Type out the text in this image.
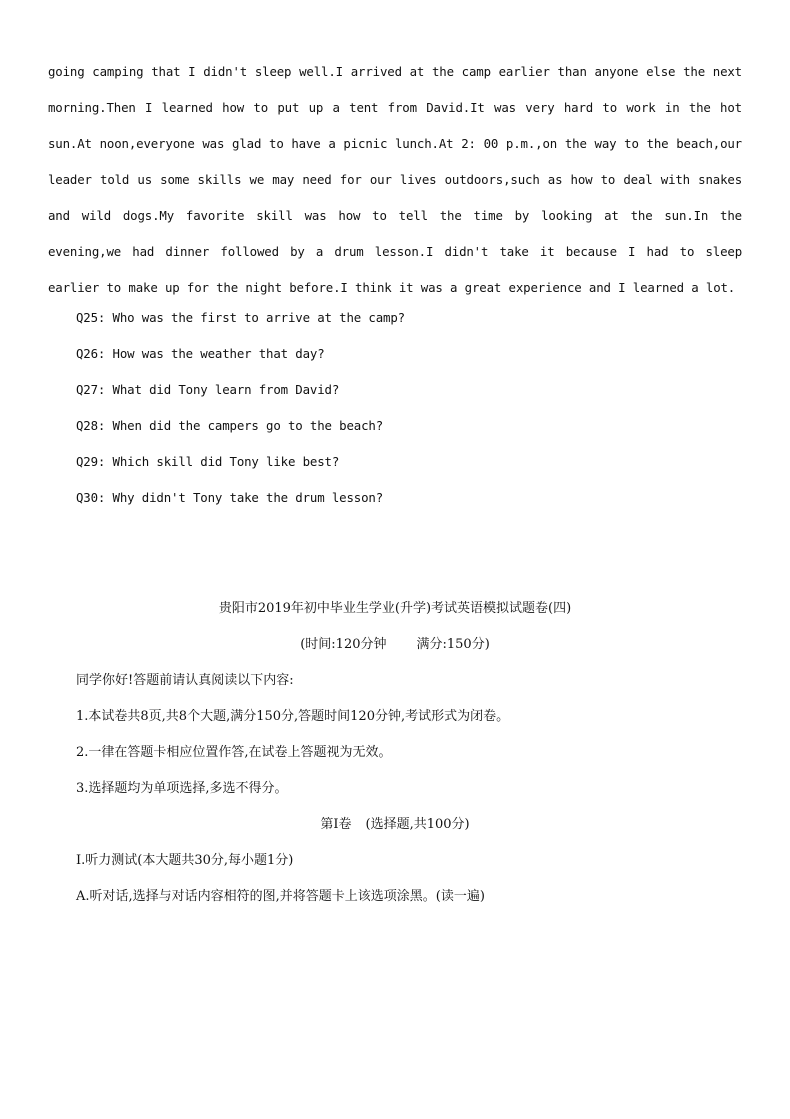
going camping that I didn't sleep well.I arrived at the camp earlier than anyone else the next morning.Then I learned how to put up a tent from David.It was very hard to work in the hot sun.At noon,everyone was glad to have a picnic lunch.At 2: 00 p.m.,on the way to the beach,our leader told us some skills we may need for our lives outdoors,such as how to deal with snakes and wild dogs.My favorite skill was how to tell the time by looking at the sun.In the evening,we had dinner followed by a drum lesson.I didn't take it because I had to sleep earlier to make up for the night before.I think it was a great experience and I learned a lot.

Q25: Who was the first to arrive at the camp?
Q26: How was the weather that day?
Q27: What did Tony learn from David?
Q28: When did the campers go to the beach?
Q29: Which skill did Tony like best?
Q30: Why didn't Tony take the drum lesson?

贵阳市2019年初中毕业生学业(升学)考试英语模拟试题卷(四)

(时间:120分钟 满分:150分)

同学你好!答题前请认真阅读以下内容:

1.本试卷共8页,共8个大题,满分150分,答题时间120分钟,考试形式为闭卷。

2.一律在答题卡相应位置作答,在试卷上答题视为无效。

3.选择题均为单项选择,多选不得分。

第Ⅰ卷 (选择题,共100分)

Ⅰ.听力测试(本大题共30分,每小题1分)

A.听对话,选择与对话内容相符的图,并将答题卡上该选项涂黑。(读一遍)
